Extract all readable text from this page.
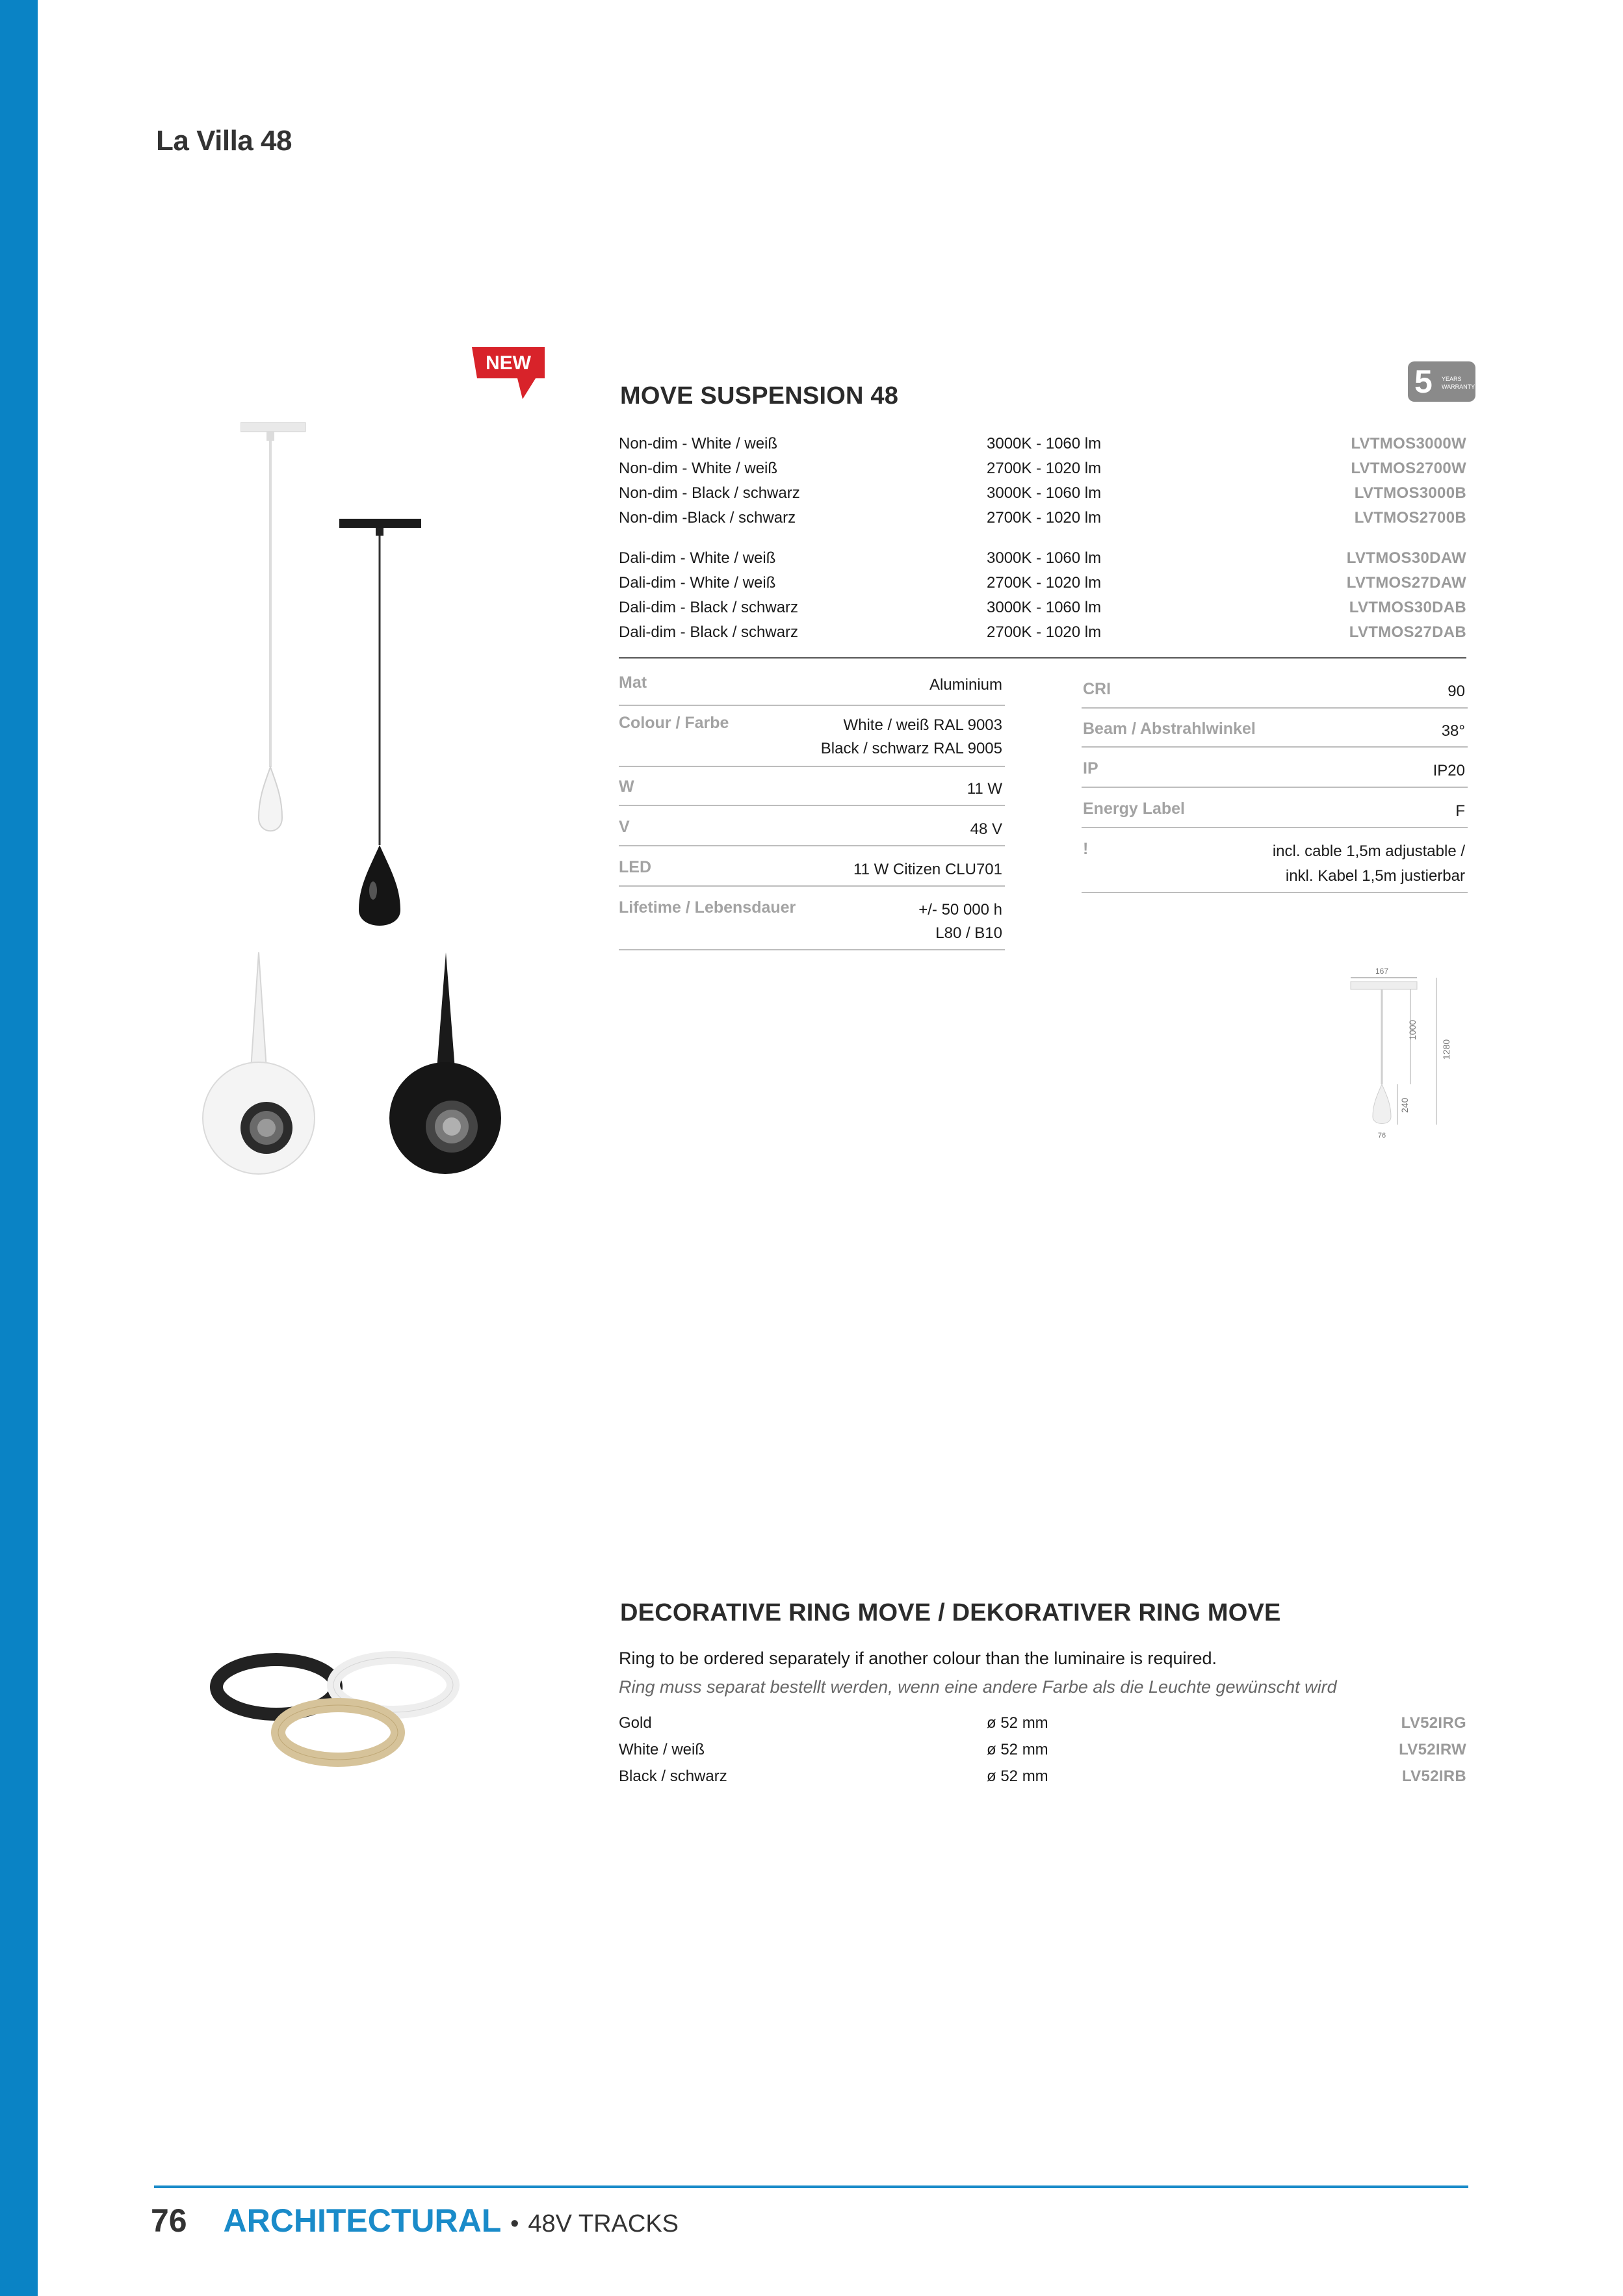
La Villa 48
NEW
MOVE SUSPENSION 48	5 YEARS
WARRANTY
Non-dim - White / weiß	3000K - 1060 lm	LVTMOS3000W
Non-dim - White / weiß	2700K - 1020 lm	LVTMOS2700W
Non-dim - Black / schwarz	3000K - 1060 lm	LVTMOS3000B
Non-dim -Black / schwarz	2700K - 1020 lm	LVTMOS2700B
Dali-dim - White / weiß	3000K - 1060 lm	LVTMOS30DAW
Dali-dim - White / weiß	2700K - 1020 lm	LVTMOS27DAW
Dali-dim - Black / schwarz	3000K - 1060 lm	LVTMOS30DAB
Dali-dim - Black / schwarz	2700K - 1020 lm	LVTMOS27DAB
Mat	Aluminium
Colour / Farbe	White / weiß RAL 9003
Black / schwarz RAL 9005
W	11 W
V	48 V
LED	11 W Citizen CLU701
Lifetime / Lebensdauer	+/- 50 000 h
L80 / B10
CRI	90
Beam / Abstrahlwinkel	38°
IP	IP20
Energy Label	F
!	incl. cable 1,5m adjustable /
inkl. Kabel 1,5m justierbar
167
1000
1280
240
76
DECORATIVE RING MOVE / DEKORATIVER RING MOVE
Ring to be ordered separately if another colour than the luminaire is required.
Ring muss separat bestellt werden, wenn eine andere Farbe als die Leuchte gewünscht wird
Gold	ø 52 mm	LV52IRG
White / weiß	ø 52 mm	LV52IRW
Black / schwarz	ø 52 mm	LV52IRB
76 ARCHITECTURAL • 48V TRACKS
